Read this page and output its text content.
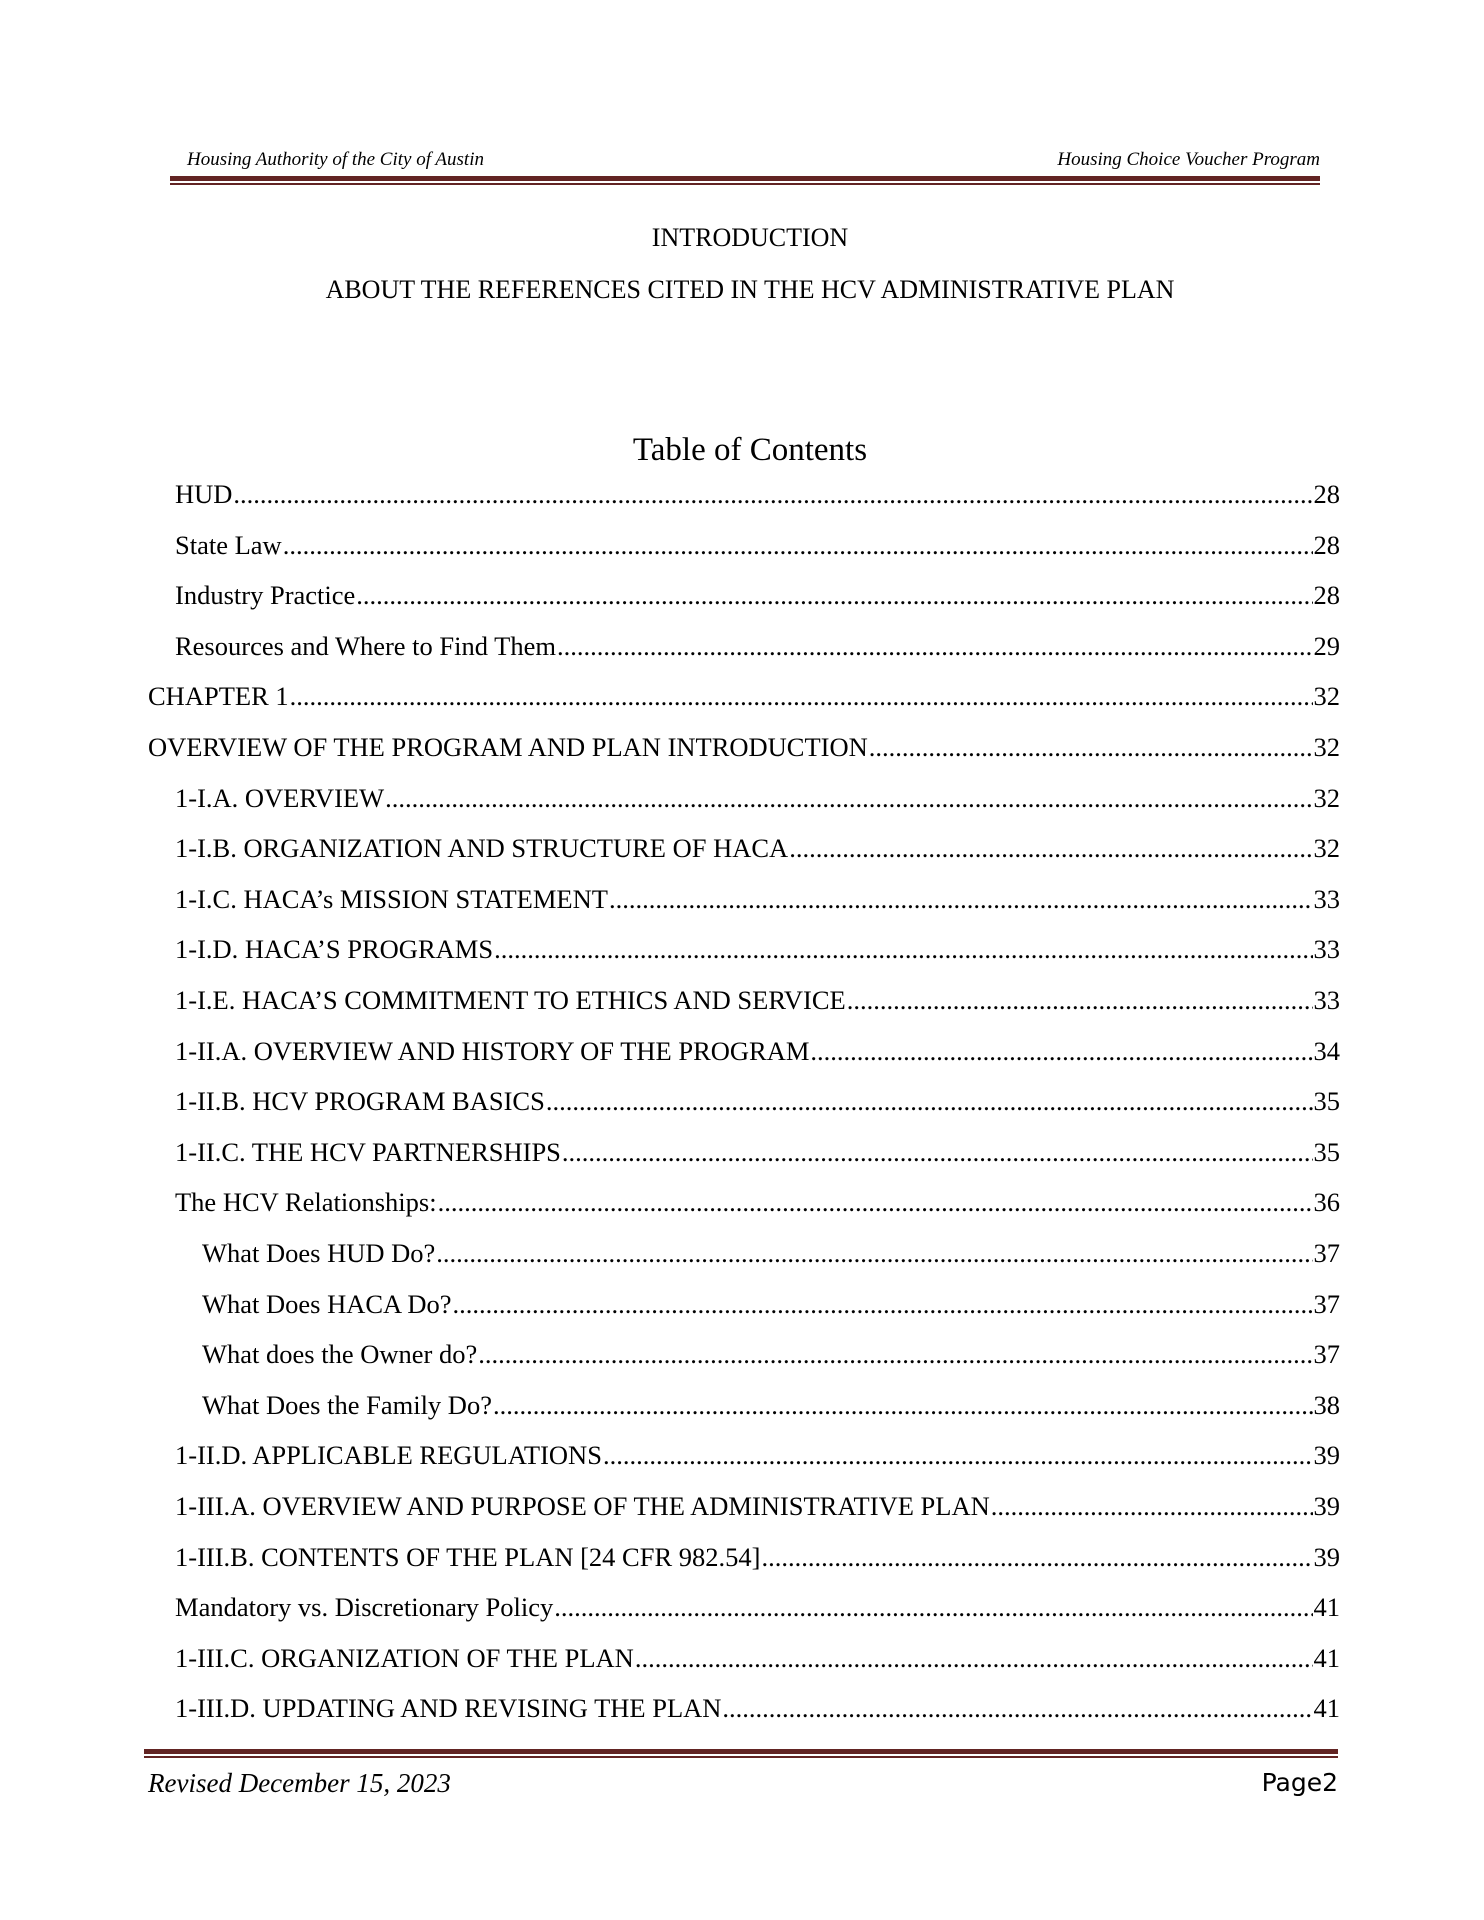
Housing Authority of the City of Austin	Housing Choice Voucher Program
INTRODUCTION
ABOUT THE REFERENCES CITED IN THE HCV ADMINISTRATIVE PLAN
Table of Contents
HUD .....	28
State Law .....	28
Industry Practice .....	28
Resources and Where to Find Them .....	29
CHAPTER 1 .....	32
OVERVIEW OF THE PROGRAM AND PLAN INTRODUCTION .....	32
1-I.A. OVERVIEW .....	32
1-I.B. ORGANIZATION AND STRUCTURE OF HACA .....	32
1-I.C. HACA’s MISSION STATEMENT .....	33
1-I.D. HACA’S PROGRAMS .....	33
1-I.E. HACA’S COMMITMENT TO ETHICS AND SERVICE .....	33
1-II.A. OVERVIEW AND HISTORY OF THE PROGRAM .....	34
1-II.B. HCV PROGRAM BASICS .....	35
1-II.C. THE HCV PARTNERSHIPS .....	35
The HCV Relationships: .....	36
What Does HUD Do? .....	37
What Does HACA Do? .....	37
What does the Owner do? .....	37
What Does the Family Do? .....	38
1-II.D. APPLICABLE REGULATIONS .....	39
1-III.A. OVERVIEW AND PURPOSE OF THE ADMINISTRATIVE PLAN .....	39
1-III.B. CONTENTS OF THE PLAN [24 CFR 982.54] .....	39
Mandatory vs. Discretionary Policy .....	41
1-III.C. ORGANIZATION OF THE PLAN .....	41
1-III.D. UPDATING AND REVISING THE PLAN .....	41
Revised December 15, 2023	Page2
